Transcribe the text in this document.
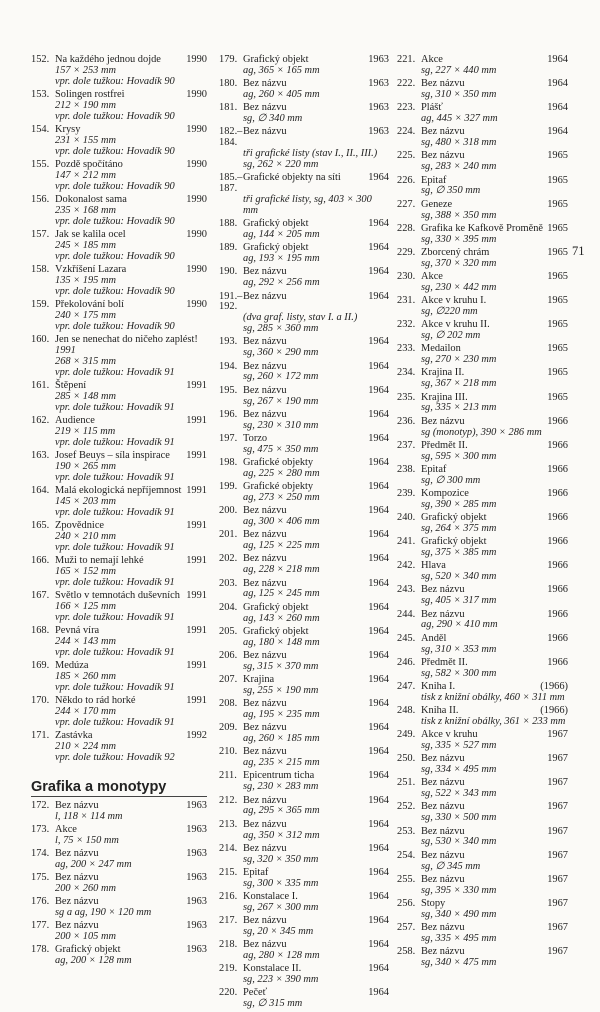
152. Na každého jednou dojde	1990
157 × 253 mm
vpr. dole tužkou: Hovadík 90
153. Solingen rostfrei	1990
212 × 190 mm
vpr. dole tužkou: Hovadík 90
154. Krysy	1990
231 × 155 mm
vpr. dole tužkou: Hovadík 90
155. Pozdě spočítáno	1990
147 × 212 mm
vpr. dole tužkou: Hovadík 90
156. Dokonalost sama	1990
235 × 168 mm
vpr. dole tužkou: Hovadík 90
157. Jak se kalila ocel	1990
245 × 185 mm
vpr. dole tužkou: Hovadík 90
158. Vzkříšení Lazara	1990
135 × 195 mm
vpr. dole tužkou: Hovadík 90
159. Překolování bolí	1990
240 × 175 mm
vpr. dole tužkou: Hovadík 90
160. Jen se nenechat do ničeho zaplést!
1991
268 × 315 mm
vpr. dole tužkou: Hovadík 91
161. Štěpení	1991
285 × 148 mm
vpr. dole tužkou: Hovadík 91
162. Audience	1991
219 × 115 mm
vpr. dole tužkou: Hovadík 91
163. Josef Beuys – síla inspirace	1991
190 × 265 mm
vpr. dole tužkou: Hovadík 91
164. Malá ekologická nepříjemnost 1991
145 × 203 mm
vpr. dole tužkou: Hovadík 91
165. Zpovědnice	1991
240 × 210 mm
vpr. dole tužkou: Hovadík 91
166. Muži to nemají lehké	1991
165 × 152 mm
vpr. dole tužkou: Hovadík 91
167. Světlo v temnotách duševních 1991
166 × 125 mm
vpr. dole tužkou: Hovadík 91
168. Pevná víra	1991
244 × 143 mm
vpr. dole tužkou: Hovadík 91
169. Medúza	1991
185 × 260 mm
vpr. dole tužkou: Hovadík 91
170. Někdo to rád horké	1991
244 × 170 mm
vpr. dole tužkou: Hovadík 91
171. Zastávka	1992
210 × 224 mm
vpr. dole tužkou: Hovadík 92
Grafika a monotypy
172. Bez názvu	1963
l, 118 × 114 mm
173. Akce	1963
l, 75 × 150 mm
174. Bez názvu	1963
ag, 200 × 247 mm
175. Bez názvu	1963
200 × 260 mm
176. Bez názvu	1963
sg a ag, 190 × 120 mm
177. Bez názvu	1963
200 × 105 mm
178. Grafický objekt	1963
ag, 200 × 128 mm
179. Grafický objekt	1963
ag, 365 × 165 mm
180. Bez názvu	1963
ag, 260 × 405 mm
181. Bez názvu	1963
sg, ∅ 340 mm
182.–184.
Bez názvu	1963
tři grafické listy (stav I., II., III.)
sg, 262 × 220 mm
185.–187.
Grafické objekty na síti	1964
tři grafické listy, sg, 403 × 300 mm
188. Grafický objekt	1964
ag, 144 × 205 mm
189. Grafický objekt	1964
ag, 193 × 195 mm
190. Bez názvu	1964
ag, 292 × 256 mm
191.–192.
Bez názvu	1964
(dva graf. listy, stav I. a II.)
sg, 285 × 360 mm
193. Bez názvu	1964
sg, 360 × 290 mm
194. Bez názvu	1964
sg, 260 × 172 mm
195. Bez názvu	1964
sg, 267 × 190 mm
196. Bez názvu	1964
sg, 230 × 310 mm
197. Torzo	1964
sg, 475 × 350 mm
198. Grafické objekty	1964
ag, 225 × 280 mm
199. Grafické objekty	1964
ag, 273 × 250 mm
200. Bez názvu	1964
ag, 300 × 406 mm
201. Bez názvu	1964
ag, 125 × 225 mm
202. Bez názvu	1964
ag, 228 × 218 mm
203. Bez názvu	1964
ag, 125 × 245 mm
204. Grafický objekt	1964
ag, 143 × 260 mm
205. Grafický objekt	1964
ag, 180 × 148 mm
206. Bez názvu	1964
sg, 315 × 370 mm
207. Krajina	1964
sg, 255 × 190 mm
208. Bez názvu	1964
ag, 195 × 235 mm
209. Bez názvu	1964
ag, 260 × 185 mm
210. Bez názvu	1964
ag, 235 × 215 mm
211. Epicentrum ticha	1964
sg, 230 × 283 mm
212. Bez názvu	1964
ag, 295 × 365 mm
213. Bez názvu	1964
ag, 350 × 312 mm
214. Bez názvu	1964
sg, 320 × 350 mm
215. Epitaf	1964
sg, 300 × 335 mm
216. Konstalace I.	1964
sg, 267 × 300 mm
217. Bez názvu	1964
sg, 20 × 345 mm
218. Bez názvu	1964
ag, 280 × 128 mm
219. Konstalace II.	1964
sg, 223 × 390 mm
220. Pečeť	1964
sg, ∅ 315 mm
221. Akce	1964
sg, 227 × 440 mm
222. Bez názvu	1964
sg, 310 × 350 mm
223. Plášť	1964
ag, 445 × 327 mm
224. Bez názvu	1964
sg, 480 × 318 mm
225. Bez názvu	1965
sg, 283 × 240 mm
226. Epitaf	1965
sg, ∅ 350 mm
227. Geneze	1965
sg, 388 × 350 mm
228. Grafika ke Kafkově Proměně 1965
sg, 330 × 395 mm
229. Zborcený chrám	1965
sg, 370 × 320 mm
230. Akce	1965
sg, 230 × 442 mm
231. Akce v kruhu I.	1965
sg, ∅220 mm
232. Akce v kruhu II.	1965
sg, ∅ 202 mm
233. Medailon	1965
sg, 270 × 230 mm
234. Krajina II.	1965
sg, 367 × 218 mm
235. Krajina III.	1965
sg, 335 × 213 mm
236. Bez názvu	1966
sg (monotyp), 390 × 286 mm
237. Předmět II.	1966
sg, 595 × 300 mm
238. Epitaf	1966
sg, ∅ 300 mm
239. Kompozice	1966
sg, 390 × 285 mm
240. Grafický objekt	1966
sg, 264 × 375 mm
241. Grafický objekt	1966
sg, 375 × 385 mm
242. Hlava	1966
sg, 520 × 340 mm
243. Bez názvu	1966
sg, 405 × 317 mm
244. Bez názvu	1966
ag, 290 × 410 mm
245. Anděl	1966
sg, 310 × 353 mm
246. Předmět II.	1966
sg, 582 × 300 mm
247. Kniha I.	(1966)
tisk z knižní obálky, 460 × 311 mm
248. Kniha II.	(1966)
tisk z knižní obálky, 361 × 233 mm
249. Akce v kruhu	1967
sg, 335 × 527 mm
250. Bez názvu	1967
sg, 334 × 495 mm
251. Bez názvu	1967
sg, 522 × 343 mm
252. Bez názvu	1967
sg, 330 × 500 mm
253. Bez názvu	1967
sg, 530 × 340 mm
254. Bez názvu	1967
sg, ∅ 345 mm
255. Bez názvu	1967
sg, 395 × 330 mm
256. Stopy	1967
sg, 340 × 490 mm
257. Bez názvu	1967
sg, 335 × 495 mm
258. Bez názvu	1967
sg, 340 × 475 mm
71
